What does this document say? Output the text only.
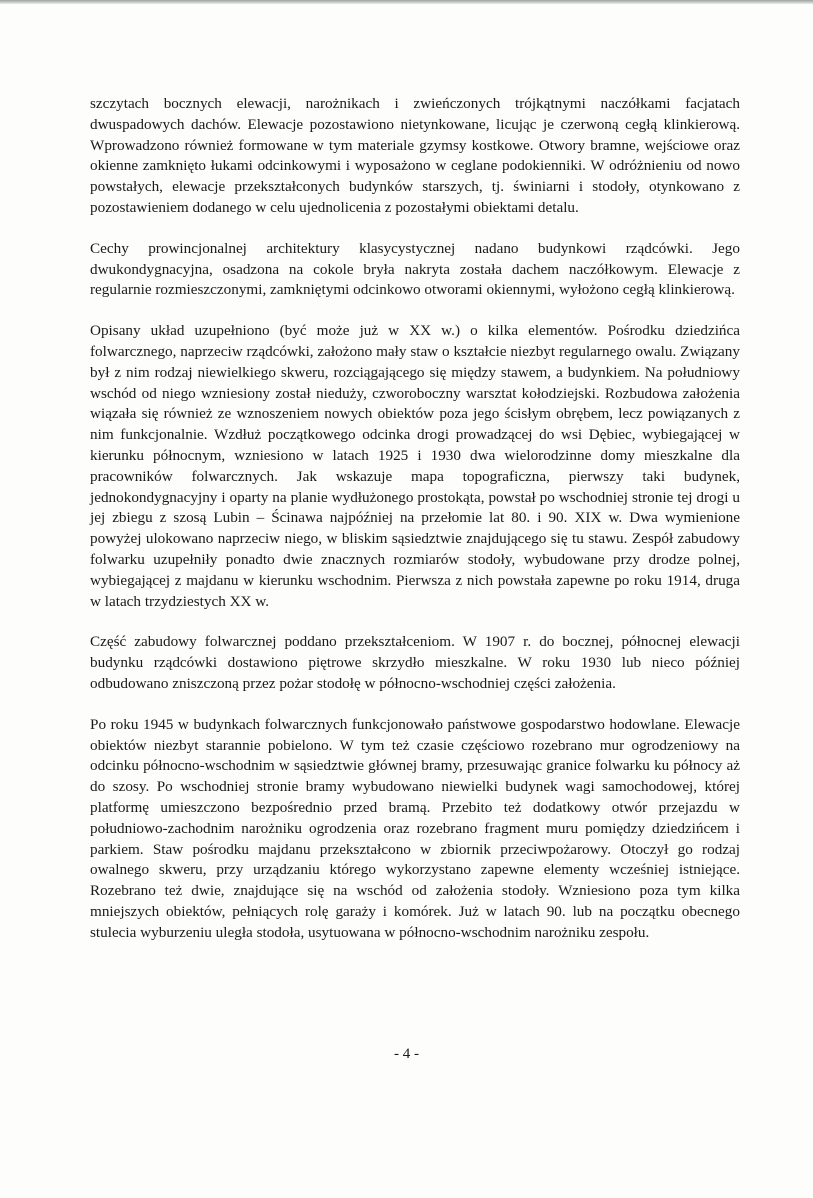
szczytach bocznych elewacji, narożnikach i zwieńczonych trójkątnymi naczółkami facjatach dwuspadowych dachów. Elewacje pozostawiono nietynkowane, licując je czerwoną cegłą klinkierową. Wprowadzono również formowane w tym materiale gzymsy kostkowe. Otwory bramne, wejściowe oraz okienne zamknięto łukami odcinkowymi i wyposażono w ceglane podokienniki. W odróżnieniu od nowo powstałych, elewacje przekształconych budynków starszych, tj. świniarni i stodoły, otynkowano z pozostawieniem dodanego w celu ujednolicenia z pozostałymi obiektami detalu.

Cechy prowincjonalnej architektury klasycystycznej nadano budynkowi rządcówki. Jego dwukondygnacyjna, osadzona na cokole bryła nakryta została dachem naczółkowym. Elewacje z regularnie rozmieszczonymi, zamkniętymi odcinkowo otworami okiennymi, wyłożono cegłą klinkierową.

Opisany układ uzupełniono (być może już w XX w.) o kilka elementów. Pośrodku dziedzińca folwarcznego, naprzeciw rządcówki, założono mały staw o kształcie niezbyt regularnego owalu. Związany był z nim rodzaj niewielkiego skweru, rozciągającego się między stawem, a budynkiem. Na południowy wschód od niego wzniesiony został nieduży, czworoboczny warsztat kołodziejski. Rozbudowa założenia wiązała się również ze wznoszeniem nowych obiektów poza jego ścisłym obrębem, lecz powiązanych z nim funkcjonalnie. Wzdłuż początkowego odcinka drogi prowadzącej do wsi Dębiec, wybiegającej w kierunku północnym, wzniesiono w latach 1925 i 1930 dwa wielorodzinne domy mieszkalne dla pracowników folwarcznych. Jak wskazuje mapa topograficzna, pierwszy taki budynek, jednokondygnacyjny i oparty na planie wydłużonego prostokąta, powstał po wschodniej stronie tej drogi u jej zbiegu z szosą Lubin – Ścinawa najpóźniej na przełomie lat 80. i 90. XIX w. Dwa wymienione powyżej ulokowano naprzeciw niego, w bliskim sąsiedztwie znajdującego się tu stawu. Zespół zabudowy folwarku uzupełniły ponadto dwie znacznych rozmiarów stodoły, wybudowane przy drodze polnej, wybiegającej z majdanu w kierunku wschodnim. Pierwsza z nich powstała zapewne po roku 1914, druga w latach trzydziestych XX w.

Część zabudowy folwarcznej poddano przekształceniom. W 1907 r. do bocznej, północnej elewacji budynku rządcówki dostawiono piętrowe skrzydło mieszkalne. W roku 1930 lub nieco później odbudowano zniszczoną przez pożar stodołę w północno-wschodniej części założenia.

Po roku 1945 w budynkach folwarcznych funkcjonowało państwowe gospodarstwo hodowlane. Elewacje obiektów niezbyt starannie pobielono. W tym też czasie częściowo rozebrano mur ogrodzeniowy na odcinku północno-wschodnim w sąsiedztwie głównej bramy, przesuwając granice folwarku ku północy aż do szosy. Po wschodniej stronie bramy wybudowano niewielki budynek wagi samochodowej, której platformę umieszczono bezpośrednio przed bramą. Przebito też dodatkowy otwór przejazdu w południowo-zachodnim narożniku ogrodzenia oraz rozebrano fragment muru pomiędzy dziedzińcem i parkiem. Staw pośrodku majdanu przekształcono w zbiornik przeciwpożarowy. Otoczył go rodzaj owalnego skweru, przy urządzaniu którego wykorzystano zapewne elementy wcześniej istniejące. Rozebrano też dwie, znajdujące się na wschód od założenia stodoły. Wzniesiono poza tym kilka mniejszych obiektów, pełniących rolę garaży i komórek. Już w latach 90. lub na początku obecnego stulecia wyburzeniu uległa stodoła, usytuowana w północno-wschodnim narożniku zespołu.

- 4 -
